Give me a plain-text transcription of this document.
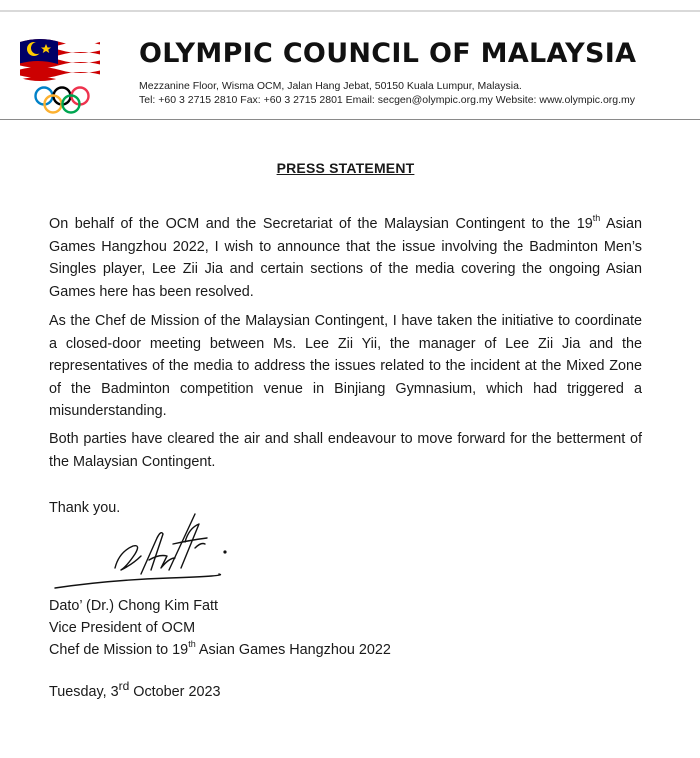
OLYMPIC COUNCIL OF MALAYSIA
Mezzanine Floor, Wisma OCM, Jalan Hang Jebat, 50150 Kuala Lumpur, Malaysia.
Tel: +60 3 2715 2810 Fax: +60 3 2715 2801 Email: secgen@olympic.org.my Website: www.olympic.org.my
PRESS STATEMENT

On behalf of the OCM and the Secretariat of the Malaysian Contingent to the 19th Asian Games Hangzhou 2022, I wish to announce that the issue involving the Badminton Men’s Singles player, Lee Zii Jia and certain sections of the media covering the ongoing Asian Games here has been resolved.

As the Chef de Mission of the Malaysian Contingent, I have taken the initiative to coordinate a closed-door meeting between Ms. Lee Zii Yii, the manager of Lee Zii Jia and the representatives of the media to address the issues related to the incident at the Mixed Zone of the Badminton competition venue in Binjiang Gymnasium, which had triggered a misunderstanding.

Both parties have cleared the air and shall endeavour to move forward for the betterment of the Malaysian Contingent.

Thank you.
Dato’ (Dr.) Chong Kim Fatt
Vice President of OCM
Chef de Mission to 19th Asian Games Hangzhou 2022
Tuesday, 3rd October 2023
